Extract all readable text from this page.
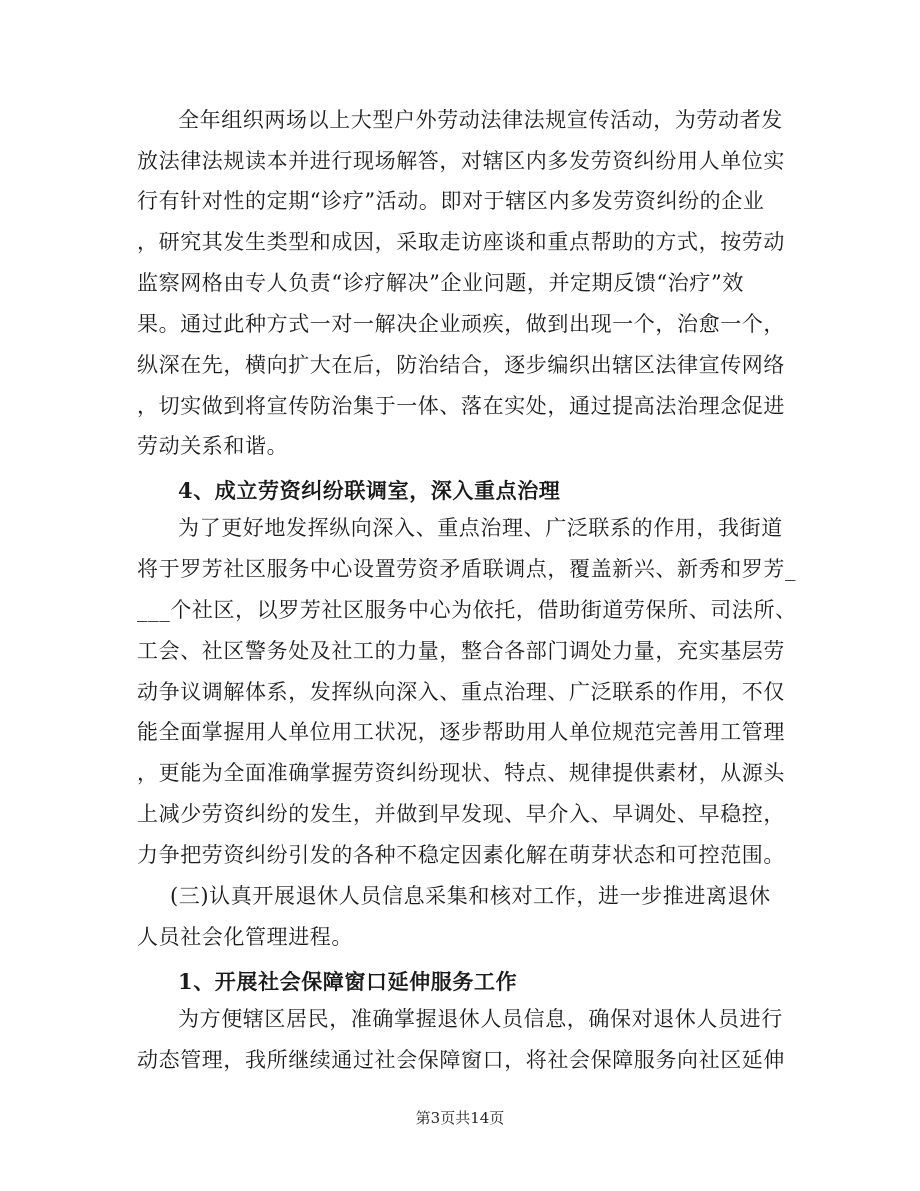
全年组织两场以上大型户外劳动法律法规宣传活动，为劳动者发
放法律法规读本并进行现场解答，对辖区内多发劳资纠纷用人单位实
行有针对性的定期“诊疗”活动。即对于辖区内多发劳资纠纷的企业
，研究其发生类型和成因，采取走访座谈和重点帮助的方式，按劳动
监察网格由专人负责“诊疗解决”企业问题，并定期反馈“治疗”效
果。通过此种方式一对一解决企业顽疾，做到出现一个，治愈一个，
纵深在先，横向扩大在后，防治结合，逐步编织出辖区法律宣传网络
，切实做到将宣传防治集于一体、落在实处，通过提高法治理念促进
劳动关系和谐。
4、成立劳资纠纷联调室，深入重点治理
为了更好地发挥纵向深入、重点治理、广泛联系的作用，我街道
将于罗芳社区服务中心设置劳资矛盾联调点，覆盖新兴、新秀和罗芳_
___个社区，以罗芳社区服务中心为依托，借助街道劳保所、司法所、
工会、社区警务处及社工的力量，整合各部门调处力量，充实基层劳
动争议调解体系，发挥纵向深入、重点治理、广泛联系的作用，不仅
能全面掌握用人单位用工状况，逐步帮助用人单位规范完善用工管理
，更能为全面准确掌握劳资纠纷现状、特点、规律提供素材，从源头
上减少劳资纠纷的发生，并做到早发现、早介入、早调处、早稳控，
力争把劳资纠纷引发的各种不稳定因素化解在萌芽状态和可控范围。
(三)认真开展退休人员信息采集和核对工作，进一步推进离退休
人员社会化管理进程。
1、开展社会保障窗口延伸服务工作
为方便辖区居民，准确掌握退休人员信息，确保对退休人员进行
动态管理，我所继续通过社会保障窗口，将社会保障服务向社区延伸
第3页共14页
